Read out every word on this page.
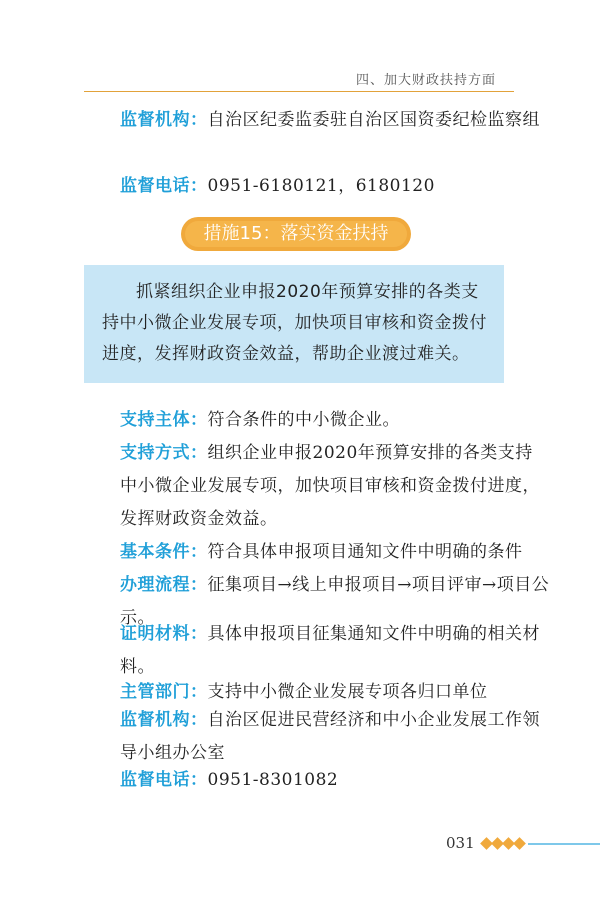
四、加大财政扶持方面
监督机构：自治区纪委监委驻自治区国资委纪检监察组
监督电话：0951-6180121，6180120
措施15：落实资金扶持
抓紧组织企业申报2020年预算安排的各类支持中小微企业发展专项，加快项目审核和资金拨付进度，发挥财政资金效益，帮助企业渡过难关。
支持主体：符合条件的中小微企业。
支持方式：组织企业申报2020年预算安排的各类支持中小微企业发展专项，加快项目审核和资金拨付进度，发挥财政资金效益。
基本条件：符合具体申报项目通知文件中明确的条件
办理流程：征集项目→线上申报项目→项目评审→项目公示。
证明材料：具体申报项目征集通知文件中明确的相关材料。
主管部门：支持中小微企业发展专项各归口单位
监督机构：自治区促进民营经济和中小企业发展工作领导小组办公室
监督电话：0951-8301082
031
